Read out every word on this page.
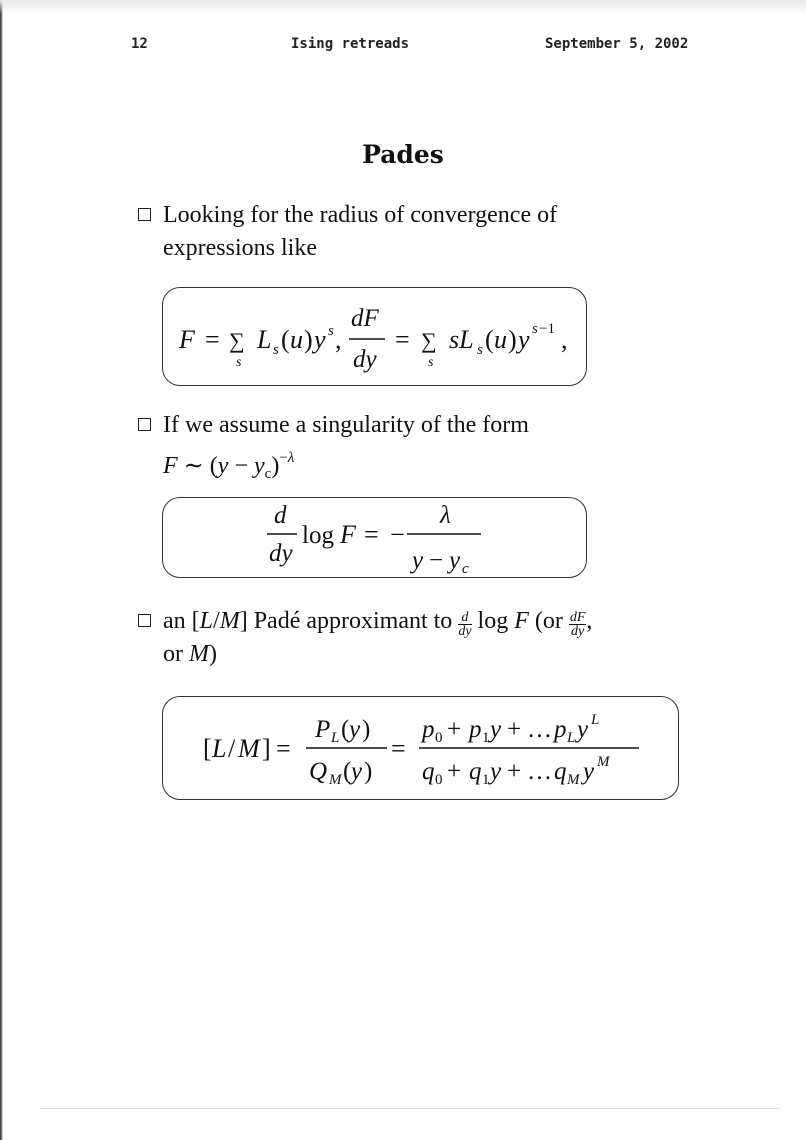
12	Ising retreads	September 5, 2002
Pades
Looking for the radius of convergence of
expressions like
F = ∑
s
L s ( u ) y s ,
dF
dy
= ∑
s
sL s ( u ) y s −1 ,
If we assume a singularity of the form
F ∼ $(y - y_c)^{-\lambda}$
d
dy
log F = −
λ
y − y c
an [L/M] Padé approximant to $\frac{d}{dy}$ log F ($or \frac{dF}{dy}$ ,
or M)
[ L / M ] =
P L ( y )
Q M ( y )
=
p 0 + p 1 y + … p L y L
q 0 + q 1 y + … q M y M
